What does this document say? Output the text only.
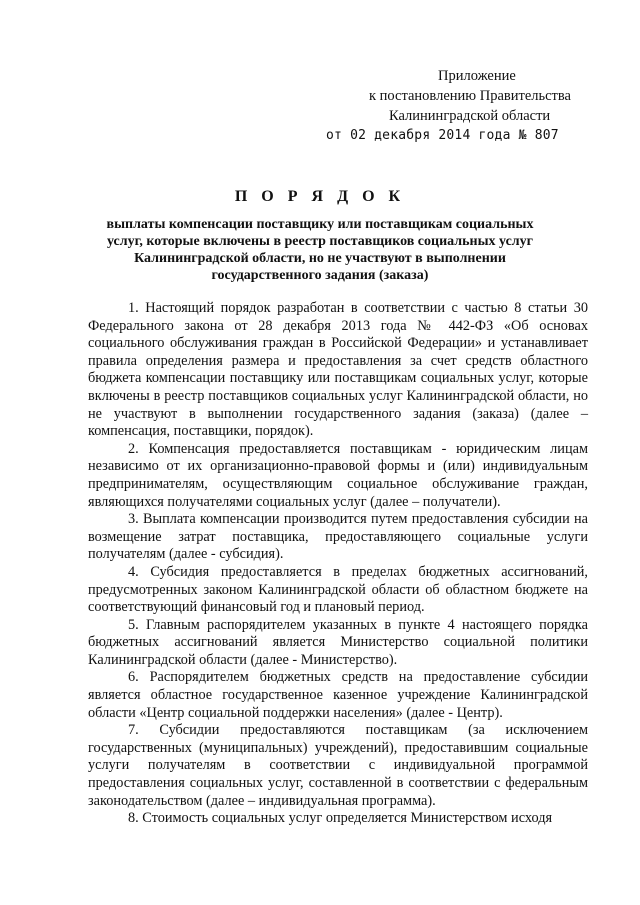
Приложение
к постановлению Правительства
Калининградской области
от 02 декабря 2014 года № 807
П О Р Я Д О К
выплаты компенсации поставщику или поставщикам социальных
услуг, которые включены в реестр поставщиков социальных услуг
Калининградской области, но не участвуют в выполнении
государственного задания (заказа)

1. Настоящий порядок разработан в соответствии с частью 8 статьи 30 Федерального закона от 28 декабря 2013 года № 442-ФЗ «Об основах социального обслуживания граждан в Российской Федерации» и устанавливает правила определения размера и предоставления за счет средств областного бюджета компенсации поставщику или поставщикам социальных услуг, которые включены в реестр поставщиков социальных услуг Калининградской области, но не участвуют в выполнении государственного задания (заказа) (далее – компенсация, поставщики, порядок).

2. Компенсация предоставляется поставщикам - юридическим лицам независимо от их организационно-правовой формы и (или) индивидуальным предпринимателям, осуществляющим социальное обслуживание граждан, являющихся получателями социальных услуг (далее – получатели).

3. Выплата компенсации производится путем предоставления субсидии на возмещение затрат поставщика, предоставляющего социальные услуги получателям (далее - субсидия).

4. Субсидия предоставляется в пределах бюджетных ассигнований, предусмотренных законом Калининградской области об областном бюджете на соответствующий финансовый год и плановый период.

5. Главным распорядителем указанных в пункте 4 настоящего порядка бюджетных ассигнований является Министерство социальной политики Калининградской области (далее - Министерство).

6. Распорядителем бюджетных средств на предоставление субсидии является областное государственное казенное учреждение Калининградской области «Центр социальной поддержки населения» (далее - Центр).

7. Субсидии предоставляются поставщикам (за исключением государственных (муниципальных) учреждений), предоставившим социальные услуги получателям в соответствии с индивидуальной программой предоставления социальных услуг, составленной в соответствии с федеральным законодательством (далее – индивидуальная программа).

8. Стоимость социальных услуг определяется Министерством исходя
